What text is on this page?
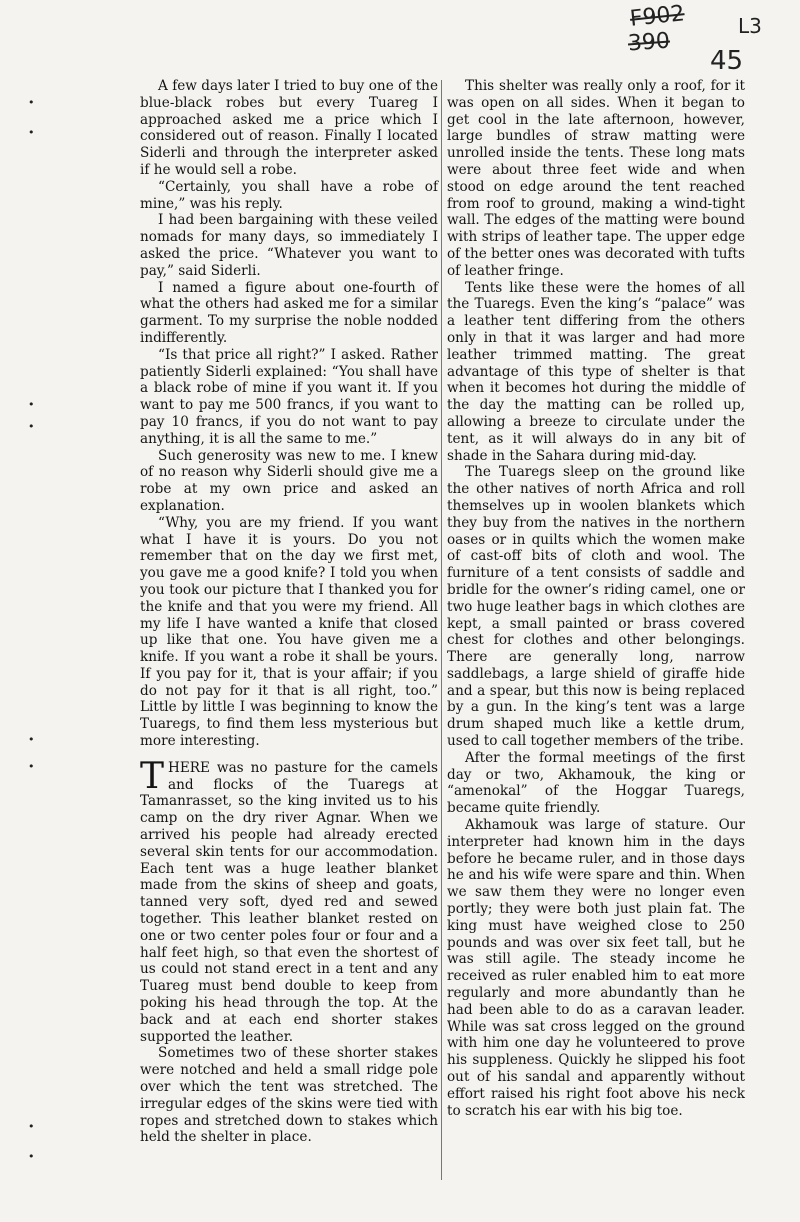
F902
390
L3
45
•
•
•
•
•
•
•
•

A few days later I tried to buy one of the blue-black robes but every Tuareg I approached asked me a price which I considered out of reason. Finally I located Siderli and through the interpreter asked if he would sell a robe.

“Certainly, you shall have a robe of mine,” was his reply.

I had been bargaining with these veiled nomads for many days, so immediately I asked the price. “Whatever you want to pay,” said Siderli.

I named a figure about one-fourth of what the others had asked me for a similar garment. To my surprise the noble nodded indifferently.

“Is that price all right?” I asked. Rather patiently Siderli explained: “You shall have a black robe of mine if you want it. If you want to pay me 500 francs, if you want to pay 10 francs, if you do not want to pay anything, it is all the same to me.”

Such generosity was new to me. I knew of no reason why Siderli should give me a robe at my own price and asked an explanation.

“Why, you are my friend. If you want what I have it is yours. Do you not remember that on the day we first met, you gave me a good knife? I told you when you took our picture that I thanked you for the knife and that you were my friend. All my life I have wanted a knife that closed up like that one. You have given me a knife. If you want a robe it shall be yours. If you pay for it, that is your affair; if you do not pay for it that is all right, too.” Little by little I was beginning to know the Tuaregs, to find them less mysterious but more interesting.

THERE was no pasture for the camels and flocks of the Tuaregs at Tamanrasset, so the king invited us to his camp on the dry river Agnar. When we arrived his people had already erected several skin tents for our accommodation. Each tent was a huge leather blanket made from the skins of sheep and goats, tanned very soft, dyed red and sewed together. This leather blanket rested on one or two center poles four or four and a half feet high, so that even the shortest of us could not stand erect in a tent and any Tuareg must bend double to keep from poking his head through the top. At the back and at each end shorter stakes supported the leather.

Sometimes two of these shorter stakes were notched and held a small ridge pole over which the tent was stretched. The irregular edges of the skins were tied with ropes and stretched down to stakes which held the shelter in place.

This shelter was really only a roof, for it was open on all sides. When it began to get cool in the late afternoon, however, large bundles of straw matting were unrolled inside the tents. These long mats were about three feet wide and when stood on edge around the tent reached from roof to ground, making a wind-tight wall. The edges of the matting were bound with strips of leather tape. The upper edge of the better ones was decorated with tufts of leather fringe.

Tents like these were the homes of all the Tuaregs. Even the king’s “palace” was a leather tent differing from the others only in that it was larger and had more leather trimmed matting. The great advantage of this type of shelter is that when it becomes hot during the middle of the day the matting can be rolled up, allowing a breeze to circulate under the tent, as it will always do in any bit of shade in the Sahara during mid-day.

The Tuaregs sleep on the ground like the other natives of north Africa and roll themselves up in woolen blankets which they buy from the natives in the northern oases or in quilts which the women make of cast-off bits of cloth and wool. The furniture of a tent consists of saddle and bridle for the owner’s riding camel, one or two huge leather bags in which clothes are kept, a small painted or brass covered chest for clothes and other belongings. There are generally long, narrow saddlebags, a large shield of giraffe hide and a spear, but this now is being replaced by a gun. In the king’s tent was a large drum shaped much like a kettle drum, used to call together members of the tribe.

After the formal meetings of the first day or two, Akhamouk, the king or “amenokal” of the Hoggar Tuaregs, became quite friendly.

Akhamouk was large of stature. Our interpreter had known him in the days before he became ruler, and in those days he and his wife were spare and thin. When we saw them they were no longer even portly; they were both just plain fat. The king must have weighed close to 250 pounds and was over six feet tall, but he was still agile. The steady income he received as ruler enabled him to eat more regularly and more abundantly than he had been able to do as a caravan leader. While was sat cross legged on the ground with him one day he volunteered to prove his suppleness. Quickly he slipped his foot out of his sandal and apparently without effort raised his right foot above his neck to scratch his ear with his big toe.
